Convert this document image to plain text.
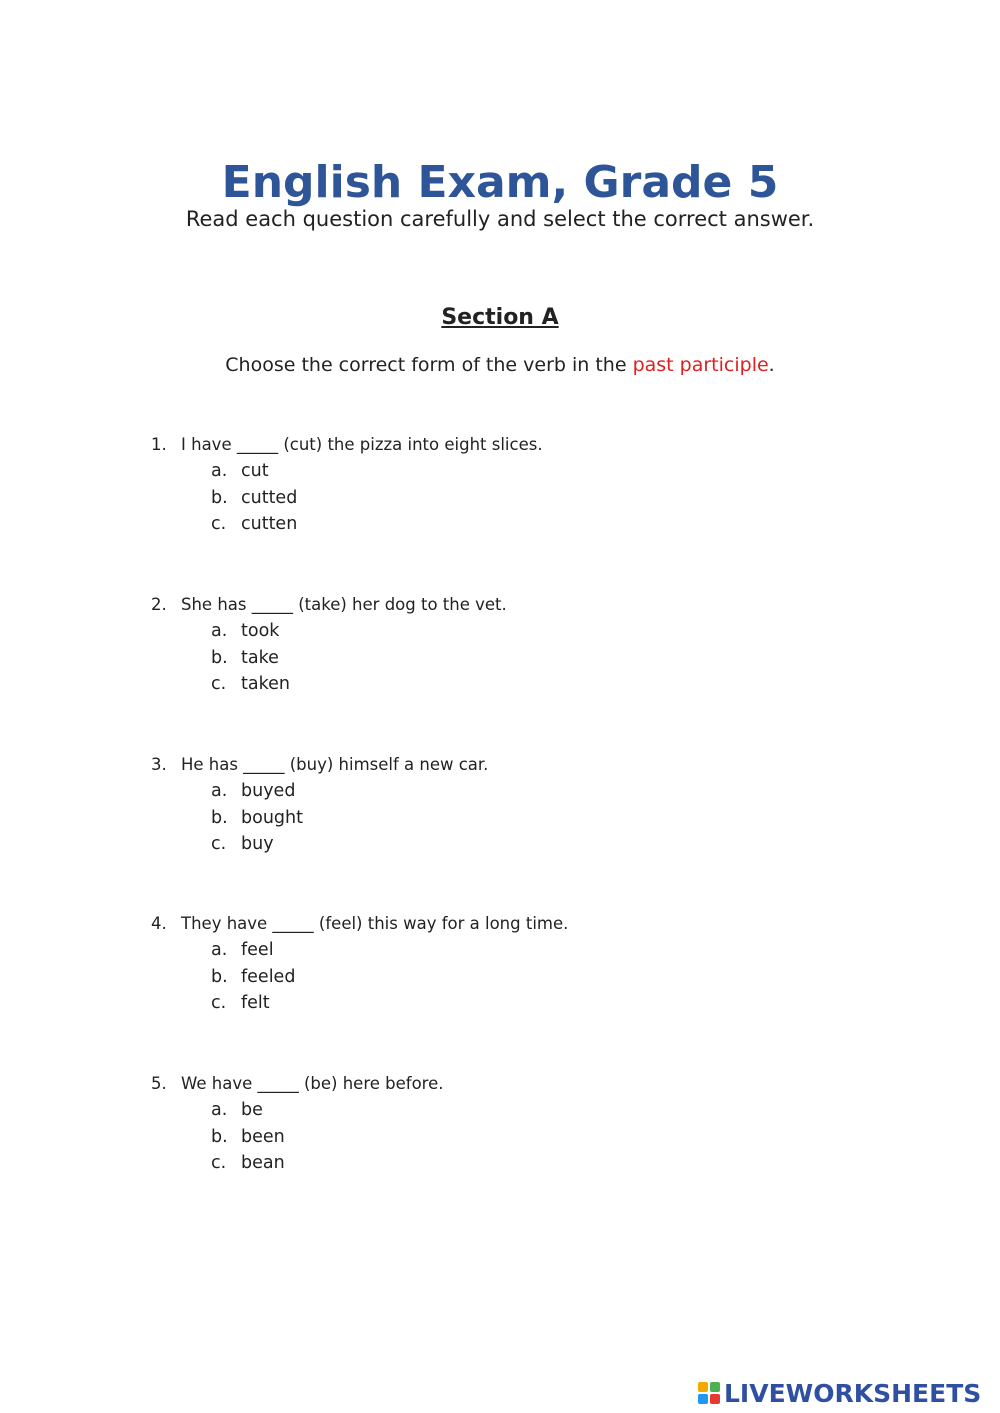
English Exam, Grade 5
Read each question carefully and select the correct answer.
Section A
Choose the correct form of the verb in the past participle.
1. I have _____ (cut) the pizza into eight slices.
a. cut
b. cutted
c. cutten
2. She has _____ (take) her dog to the vet.
a. took
b. take
c. taken
3. He has _____ (buy) himself a new car.
a. buyed
b. bought
c. buy
4. They have _____ (feel) this way for a long time.
a. feel
b. feeled
c. felt
5. We have _____ (be) here before.
a. be
b. been
c. bean
LIVEWORKSHEETS
